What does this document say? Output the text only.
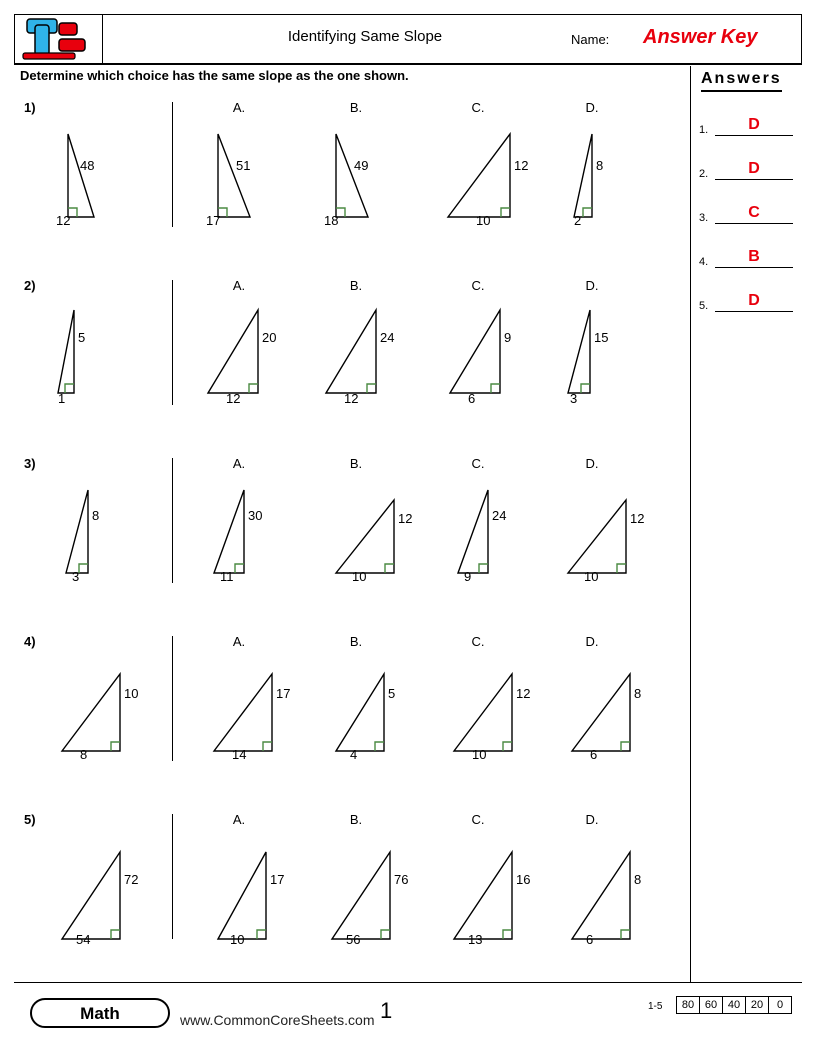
Identifying Same Slope	Name: Answer Key
Determine which choice has the same slope as the one shown.	Answers
1.	D
2.	D
3.	C
4.	B
5.	D
1)
48
12
A.
51
17
B.
49
18
C.
12
10
D.
8
2
2)
5
1
A.
20
12
B.
24
12
C.
9
6
D.
15
3
3)
8
3
A.
30
11
B.
12
10
C.
24
9
D.
12
10
4)
10
8
A.
17
14
B.
5
4
C.
12
10
D.
8
6
5)
72
54
A.
17
10
B.
76
56
C.
16
13
D.
8
6
Math	www.CommonCoreSheets.com 1	1-5 80	60	40	20	0
